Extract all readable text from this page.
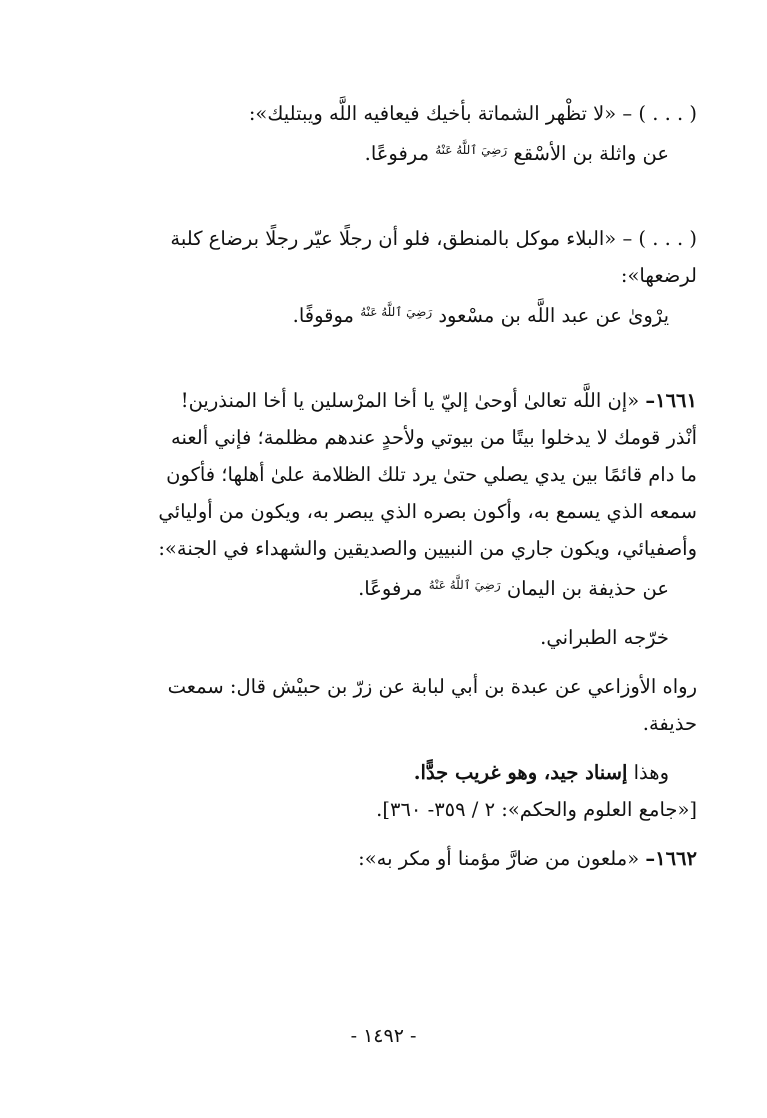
( . . . ) – «لا تظْهر الشماتة بأخيك فيعافيه اللَّه ويبتليك»:
عن واثلة بن الأسْقع $^{رَضِيَ ٱللَّهُ عَنْهُ}$ مرفوعًا.
( . . . ) – «البلاء موكل بالمنطق، فلو أن رجلًا عيّر رجلًا برضاع كلبة
لرضعها»:
يرْوىٰ عن عبد اللَّه بن مسْعود $^{رَضِيَ ٱللَّهُ عَنْهُ}$ موقوفًا.
١٦٦١– «إن اللَّه تعالىٰ أوحىٰ إليّ يا أخا المرْسلين يا أخا المنذرين!
أنْذر قومك لا يدخلوا بيتًا من بيوتي ولأحدٍ عندهم مظلمة؛ فإني ألعنه
ما دام قائمًا بين يدي يصلي حتىٰ يرد تلك الظلامة علىٰ أهلها؛ فأكون
سمعه الذي يسمع به، وأكون بصره الذي يبصر به، ويكون من أوليائي
وأصفيائي، ويكون جاري من النبيين والصديقين والشهداء في الجنة»:
عن حذيفة بن اليمان $^{رَضِيَ ٱللَّهُ عَنْهُ}$ مرفوعًا.
خرّجه الطبراني.
رواه الأوزاعي عن عبدة بن أبي لبابة عن زرّ بن حبيْش قال: سمعت
حذيفة.
وهذا إسناد جيد، وهو غريب جدًّا.
[«جامع العلوم والحكم»: ٢ / ٣٥٩- ٣٦٠].
١٦٦٢– «ملعون من ضارَّ مؤمنا أو مكر به»:
- ١٤٩٢ -
